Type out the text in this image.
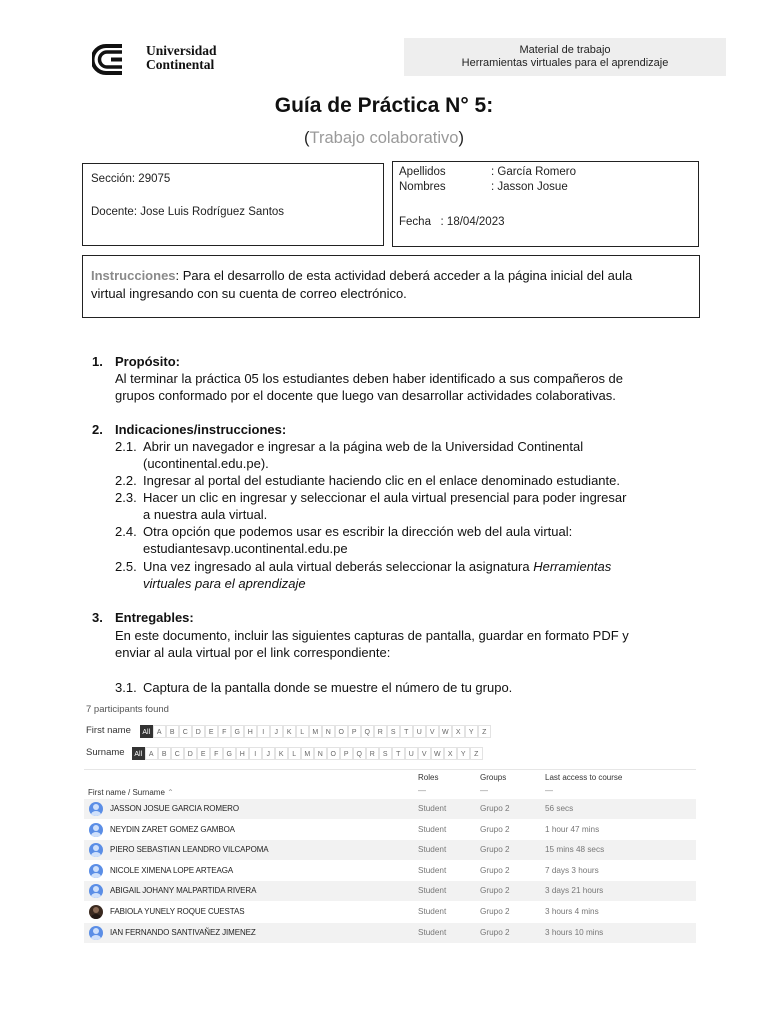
Universidad
Continental
Material de trabajo
Herramientas virtuales para el aprendizaje
Guía de Práctica N° 5:
(Trabajo colaborativo)
Sección: 29075
Docente: Jose Luis Rodríguez Santos
Apellidos	: García Romero
Nombres	: Jasson Josue
Fecha   : 18/04/2023
Instrucciones: Para el desarrollo de esta actividad deberá acceder a la página inicial del aula
virtual ingresando con su cuenta de correo electrónico.
1. Propósito:
Al terminar la práctica 05 los estudiantes deben haber identificado a sus compañeros de
grupos conformado por el docente que luego van desarrollar actividades colaborativas.
2. Indicaciones/instrucciones:
2.1. Abrir un navegador e ingresar a la página web de la Universidad Continental
(ucontinental.edu.pe).
2.2. Ingresar al portal del estudiante haciendo clic en el enlace denominado estudiante.
2.3. Hacer un clic en ingresar y seleccionar el aula virtual presencial para poder ingresar
a nuestra aula virtual.
2.4. Otra opción que podemos usar es escribir la dirección web del aula virtual:
estudiantesavp.ucontinental.edu.pe
2.5. Una vez ingresado al aula virtual deberás seleccionar la asignatura Herramientas
virtuales para el aprendizaje
3. Entregables:
En este documento, incluir las siguientes capturas de pantalla, guardar en formato PDF y
enviar al aula virtual por el link correspondiente:
3.1. Captura de la pantalla donde se muestre el número de tu grupo.
7 participants found
First name	All A	B	C	D	E	F	G	H	I	J	K	L	M	N	O	P	Q	R	S	T	U	V	W	X	Y	Z
Surname	All A	B	C	D	E	F	G	H	I	J	K	L	M	N	O	P	Q	R	S	T	U	V	W	X	Y	Z
Roles	Groups	Last access to course
First name / Surname ⌃	—	—	—
JASSON JOSUE GARCIA ROMERO	Student	Grupo 2	56 secs
NEYDIN ZARET GOMEZ GAMBOA	Student	Grupo 2	1 hour 47 mins
PIERO SEBASTIAN LEANDRO VILCAPOMA	Student	Grupo 2	15 mins 48 secs
NICOLE XIMENA LOPE ARTEAGA	Student	Grupo 2	7 days 3 hours
ABIGAIL JOHANY MALPARTIDA RIVERA	Student	Grupo 2	3 days 21 hours
FABIOLA YUNELY ROQUE CUESTAS	Student	Grupo 2	3 hours 4 mins
IAN FERNANDO SANTIVAÑEZ JIMENEZ	Student	Grupo 2	3 hours 10 mins
